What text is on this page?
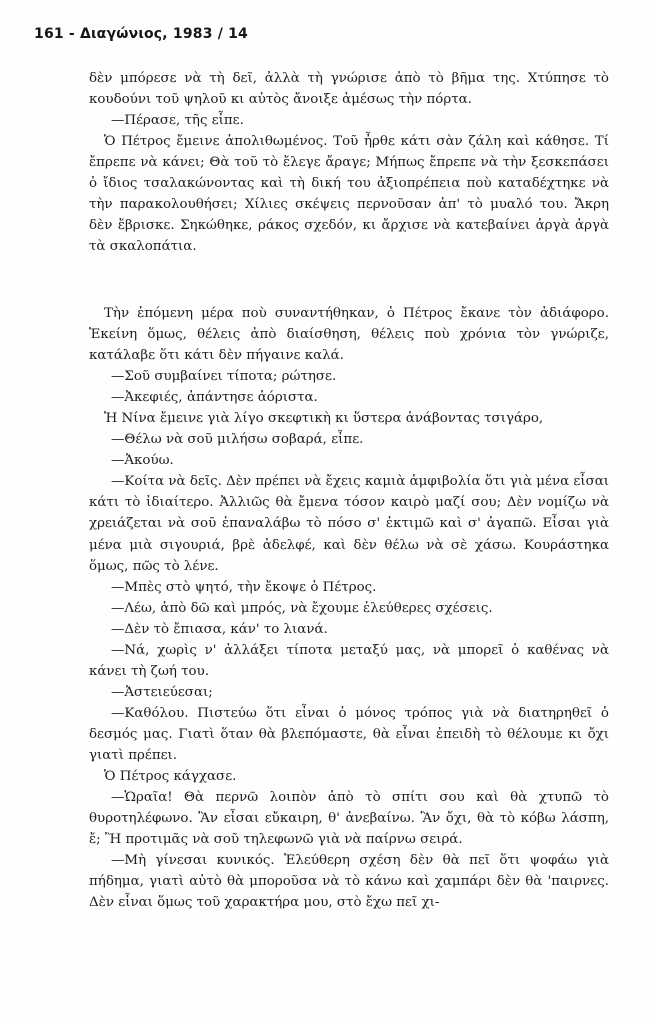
161 - Διαγώνιος, 1983 / 14

δὲν μπόρεσε νὰ τὴ δεῖ, ἀλλὰ τὴ γνώρισε ἀπὸ τὸ βῆμα της. Χτύπησε τὸ κουδούνι τοῦ ψηλοῦ κι αὐτὸς ἄνοιξε ἀμέσως τὴν πόρτα.

—Πέρασε, τῆς εἶπε.

Ὁ Πέτρος ἔμεινε ἀπολιθωμένος. Τοῦ ἦρθε κάτι σὰν ζάλη καὶ κάθησε. Τί ἔπρεπε νὰ κάνει; Θὰ τοῦ τὸ ἔλεγε ἄραγε; Μήπως ἔπρεπε νὰ τὴν ξεσκεπάσει ὁ ἴδιος τσαλακώνοντας καὶ τὴ δική του ἀξιοπρέπεια ποὺ καταδέχτηκε νὰ τὴν παρακολουθήσει; Χίλιες σκέψεις περνοῦσαν ἀπ' τὸ μυαλό του. Ἄκρη δὲν ἔβρισκε. Σηκώθηκε, ράκος σχεδόν, κι ἄρχισε νὰ κατεβαίνει ἀργὰ ἀργὰ τὰ σκαλοπάτια.

Τὴν ἑπόμενη μέρα ποὺ συναντήθηκαν, ὁ Πέτρος ἔκανε τὸν ἀδιάφορο. Ἐκείνη ὅμως, θέλεις ἀπὸ διαίσθηση, θέλεις ποὺ χρόνια τὸν γνώριζε, κατάλαβε ὅτι κάτι δὲν πήγαινε καλά.

—Σοῦ συμβαίνει τίποτα; ρώτησε.

—Ἀκεφιές, ἀπάντησε ἀόριστα.

Ἡ Νίνα ἔμεινε γιὰ λίγο σκεφτικὴ κι ὕστερα ἀνάβοντας τσιγάρο,

—Θέλω νὰ σοῦ μιλήσω σοβαρά, εἶπε.

—Ἀκούω.

—Κοίτα νὰ δεῖς. Δὲν πρέπει νὰ ἔχεις καμιὰ ἀμφιβολία ὅτι γιὰ μένα εἶσαι κάτι τὸ ἰδιαίτερο. Ἀλλιῶς θὰ ἔμενα τόσον καιρὸ μαζί σου; Δὲν νομίζω νὰ χρειάζεται νὰ σοῦ ἐπαναλάβω τὸ πόσο σ' ἐκτιμῶ καὶ σ' ἀγαπῶ. Εἶσαι γιὰ μένα μιὰ σιγουριά, βρὲ ἀδελφέ, καὶ δὲν θέλω νὰ σὲ χάσω. Κουράστηκα ὅμως, πῶς τὸ λένε.

—Μπὲς στὸ ψητό, τὴν ἔκοψε ὁ Πέτρος.

—Λέω, ἀπὸ δῶ καὶ μπρός, νὰ ἔχουμε ἐλεύθερες σχέσεις.

—Δὲν τὸ ἔπιασα, κάν' το λιανά.

—Νά, χωρὶς ν' ἀλλάξει τίποτα μεταξύ μας, νὰ μπορεῖ ὁ καθένας νὰ κάνει τὴ ζωή του.

—Ἀστειεύεσαι;

—Καθόλου. Πιστεύω ὅτι εἶναι ὁ μόνος τρόπος γιὰ νὰ διατηρηθεῖ ὁ δεσμός μας. Γιατὶ ὅταν θὰ βλεπόμαστε, θὰ εἶναι ἐπειδὴ τὸ θέλουμε κι ὄχι γιατὶ πρέπει.

Ὁ Πέτρος κάγχασε.

—Ὡραῖα! Θὰ περνῶ λοιπὸν ἀπὸ τὸ σπίτι σου καὶ θὰ χτυπῶ τὸ θυροτηλέφωνο. Ἂν εἶσαι εὔκαιρη, θ' ἀνεβαίνω. Ἂν ὄχι, θὰ τὸ κόβω λάσπη, ἔ; Ἢ προτιμᾶς νὰ σοῦ τηλεφωνῶ γιὰ νὰ παίρνω σειρά.

—Μὴ γίνεσαι κυνικός. Ἐλεύθερη σχέση δὲν θὰ πεῖ ὅτι ψοφάω γιὰ πήδημα, γιατὶ αὐτὸ θὰ μποροῦσα νὰ τὸ κάνω καὶ χαμπάρι δὲν θὰ 'παιρνες. Δὲν εἶναι ὅμως τοῦ χαρακτήρα μου, στὸ ἔχω πεῖ χι-
